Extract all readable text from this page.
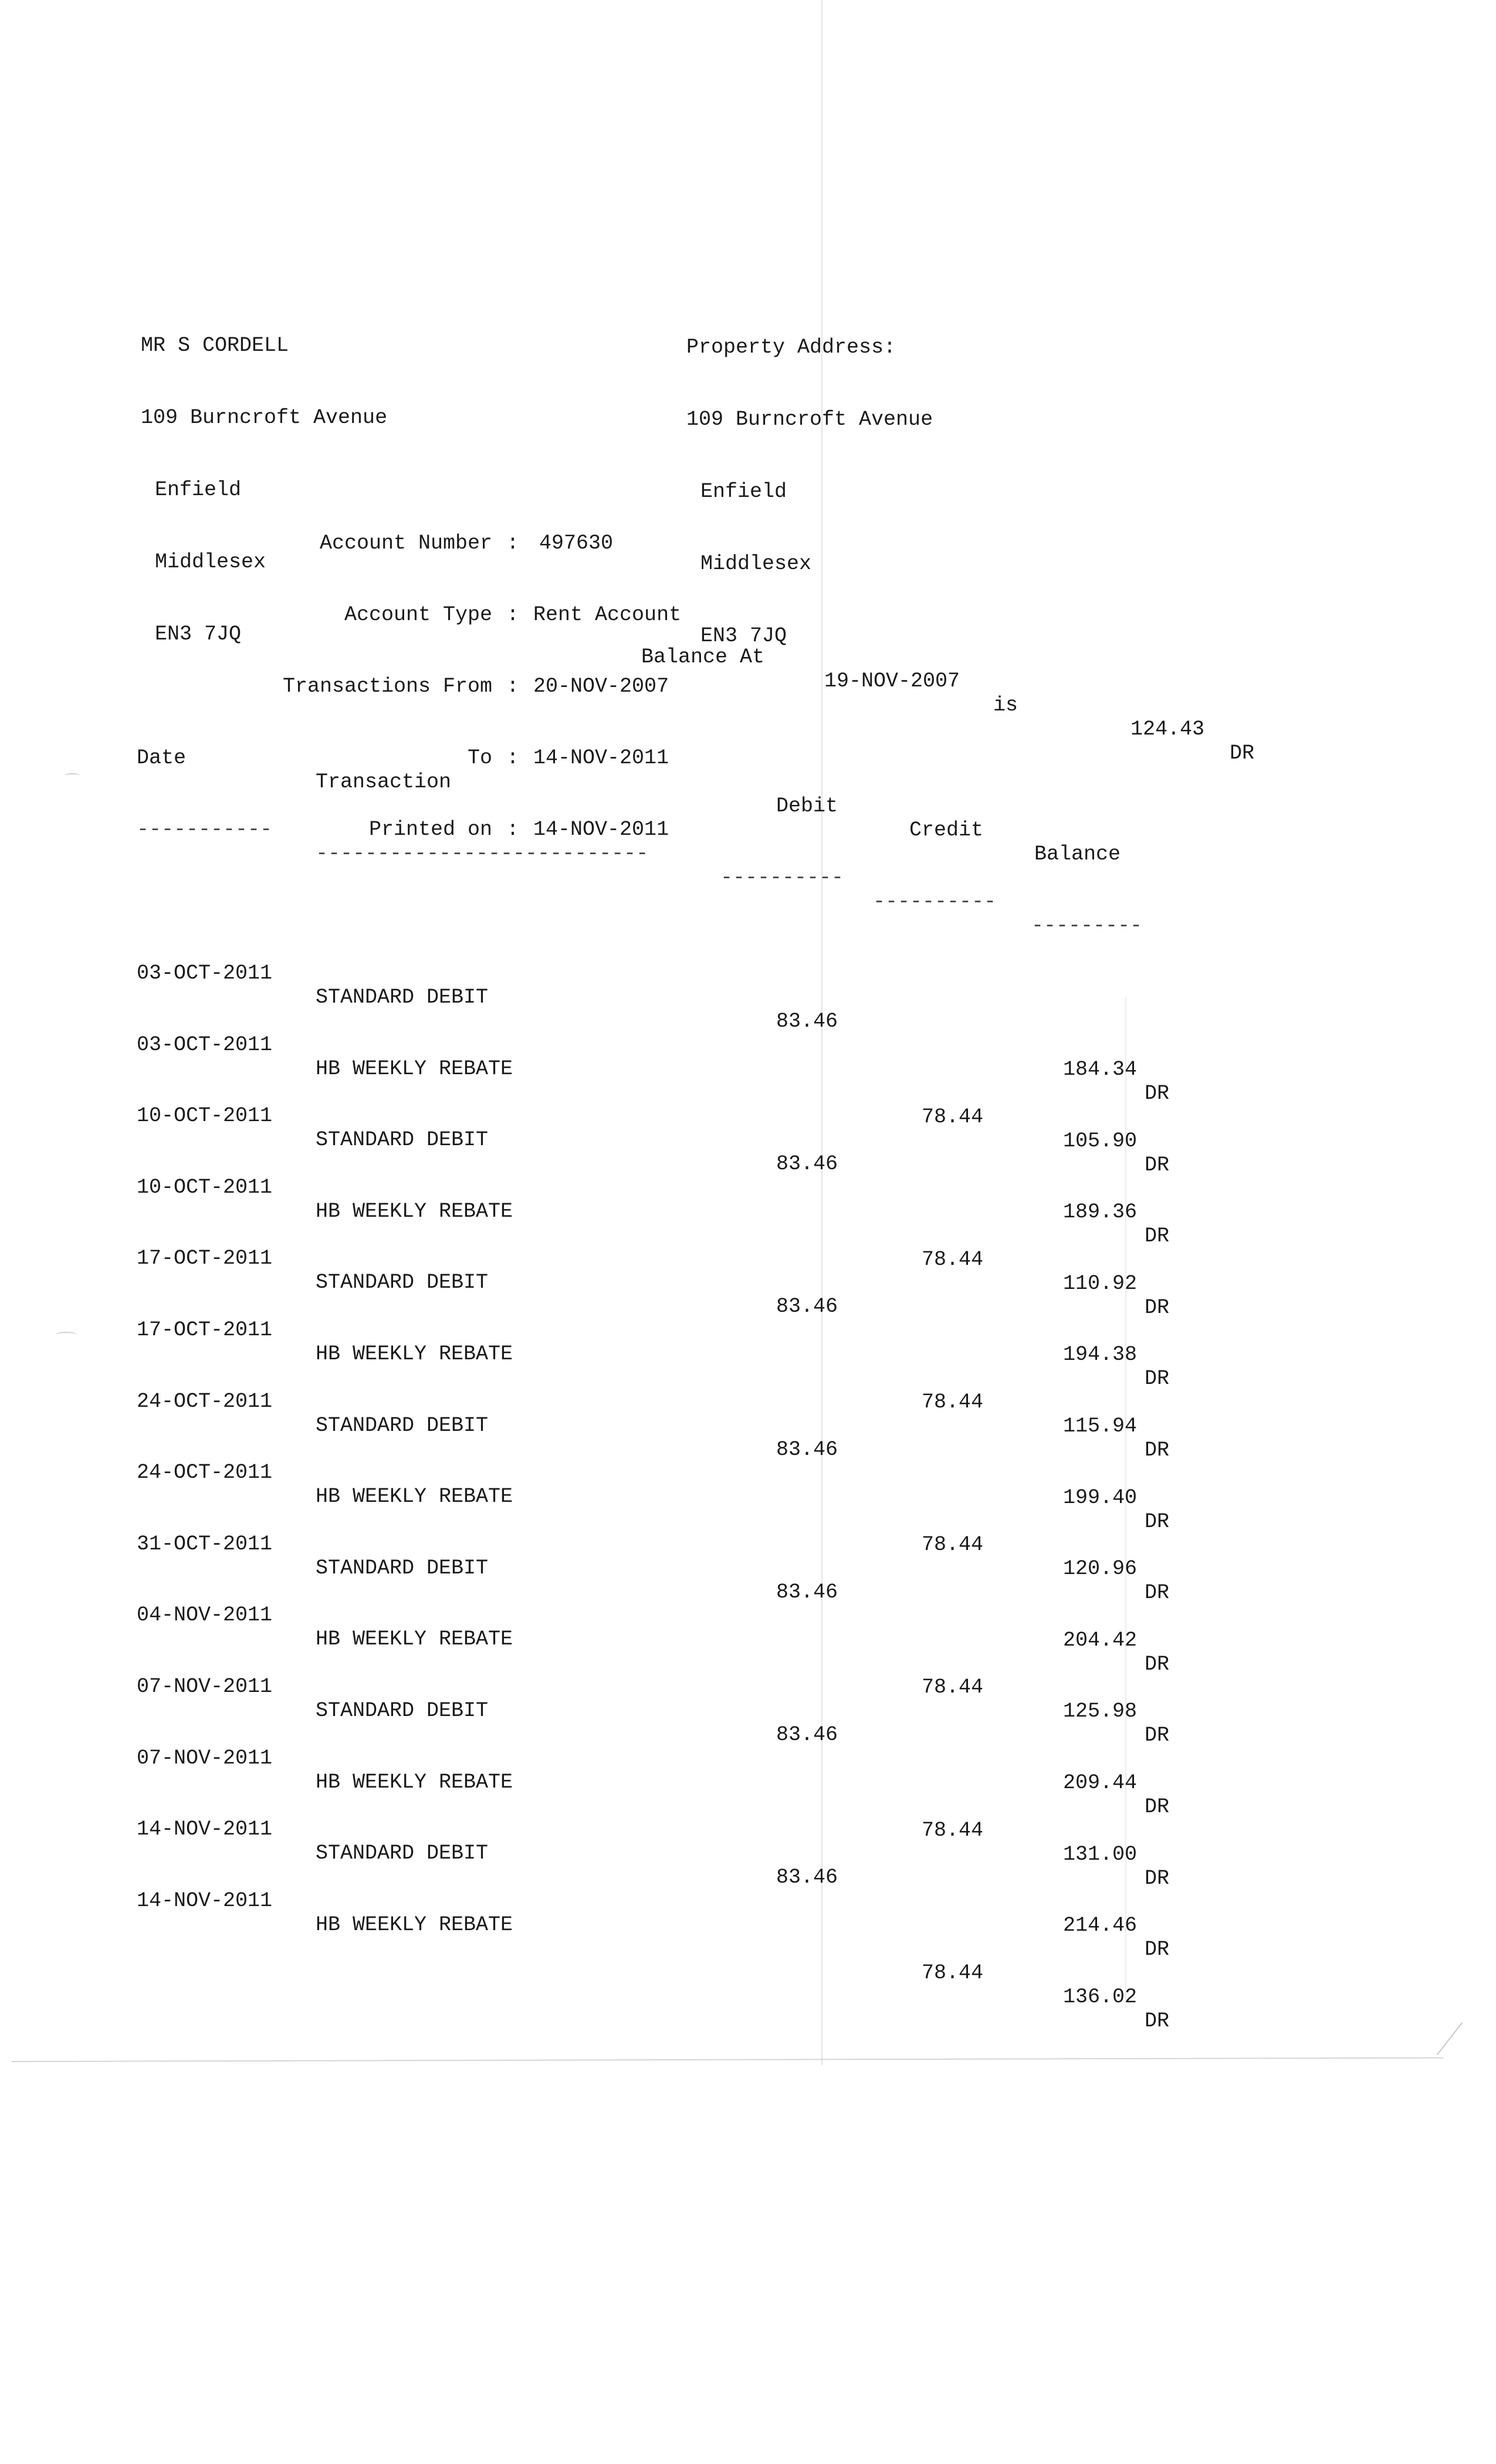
MR S CORDELL

109 Burncroft Avenue

Enfield

Middlesex

EN3 7JQ

Property Address:

109 Burncroft Avenue

Enfield

Middlesex

EN3 7JQ

Account Number : 497630

Account Type : Rent Account

Transactions From : 20-NOV-2007

To : 14-NOV-2011

Printed on : 14-NOV-2011

Balance At

19-NOV-2007

is

124.43

DR

Date

Transaction

Debit

Credit

Balance

-----------

---------------------------

----------

----------

---------

03-OCT-2011

STANDARD DEBIT

83.46

184.34

DR

03-OCT-2011

HB WEEKLY REBATE

78.44

105.90

DR

10-OCT-2011

STANDARD DEBIT

83.46

189.36

DR

10-OCT-2011

HB WEEKLY REBATE

78.44

110.92

DR

17-OCT-2011

STANDARD DEBIT

83.46

194.38

DR

17-OCT-2011

HB WEEKLY REBATE

78.44

115.94

DR

24-OCT-2011

STANDARD DEBIT

83.46

199.40

DR

24-OCT-2011

HB WEEKLY REBATE

78.44

120.96

DR

31-OCT-2011

STANDARD DEBIT

83.46

204.42

DR

04-NOV-2011

HB WEEKLY REBATE

78.44

125.98

DR

07-NOV-2011

STANDARD DEBIT

83.46

209.44

DR

07-NOV-2011

HB WEEKLY REBATE

78.44

131.00

DR

14-NOV-2011

STANDARD DEBIT

83.46

214.46

DR

14-NOV-2011

HB WEEKLY REBATE

78.44

136.02

DR
